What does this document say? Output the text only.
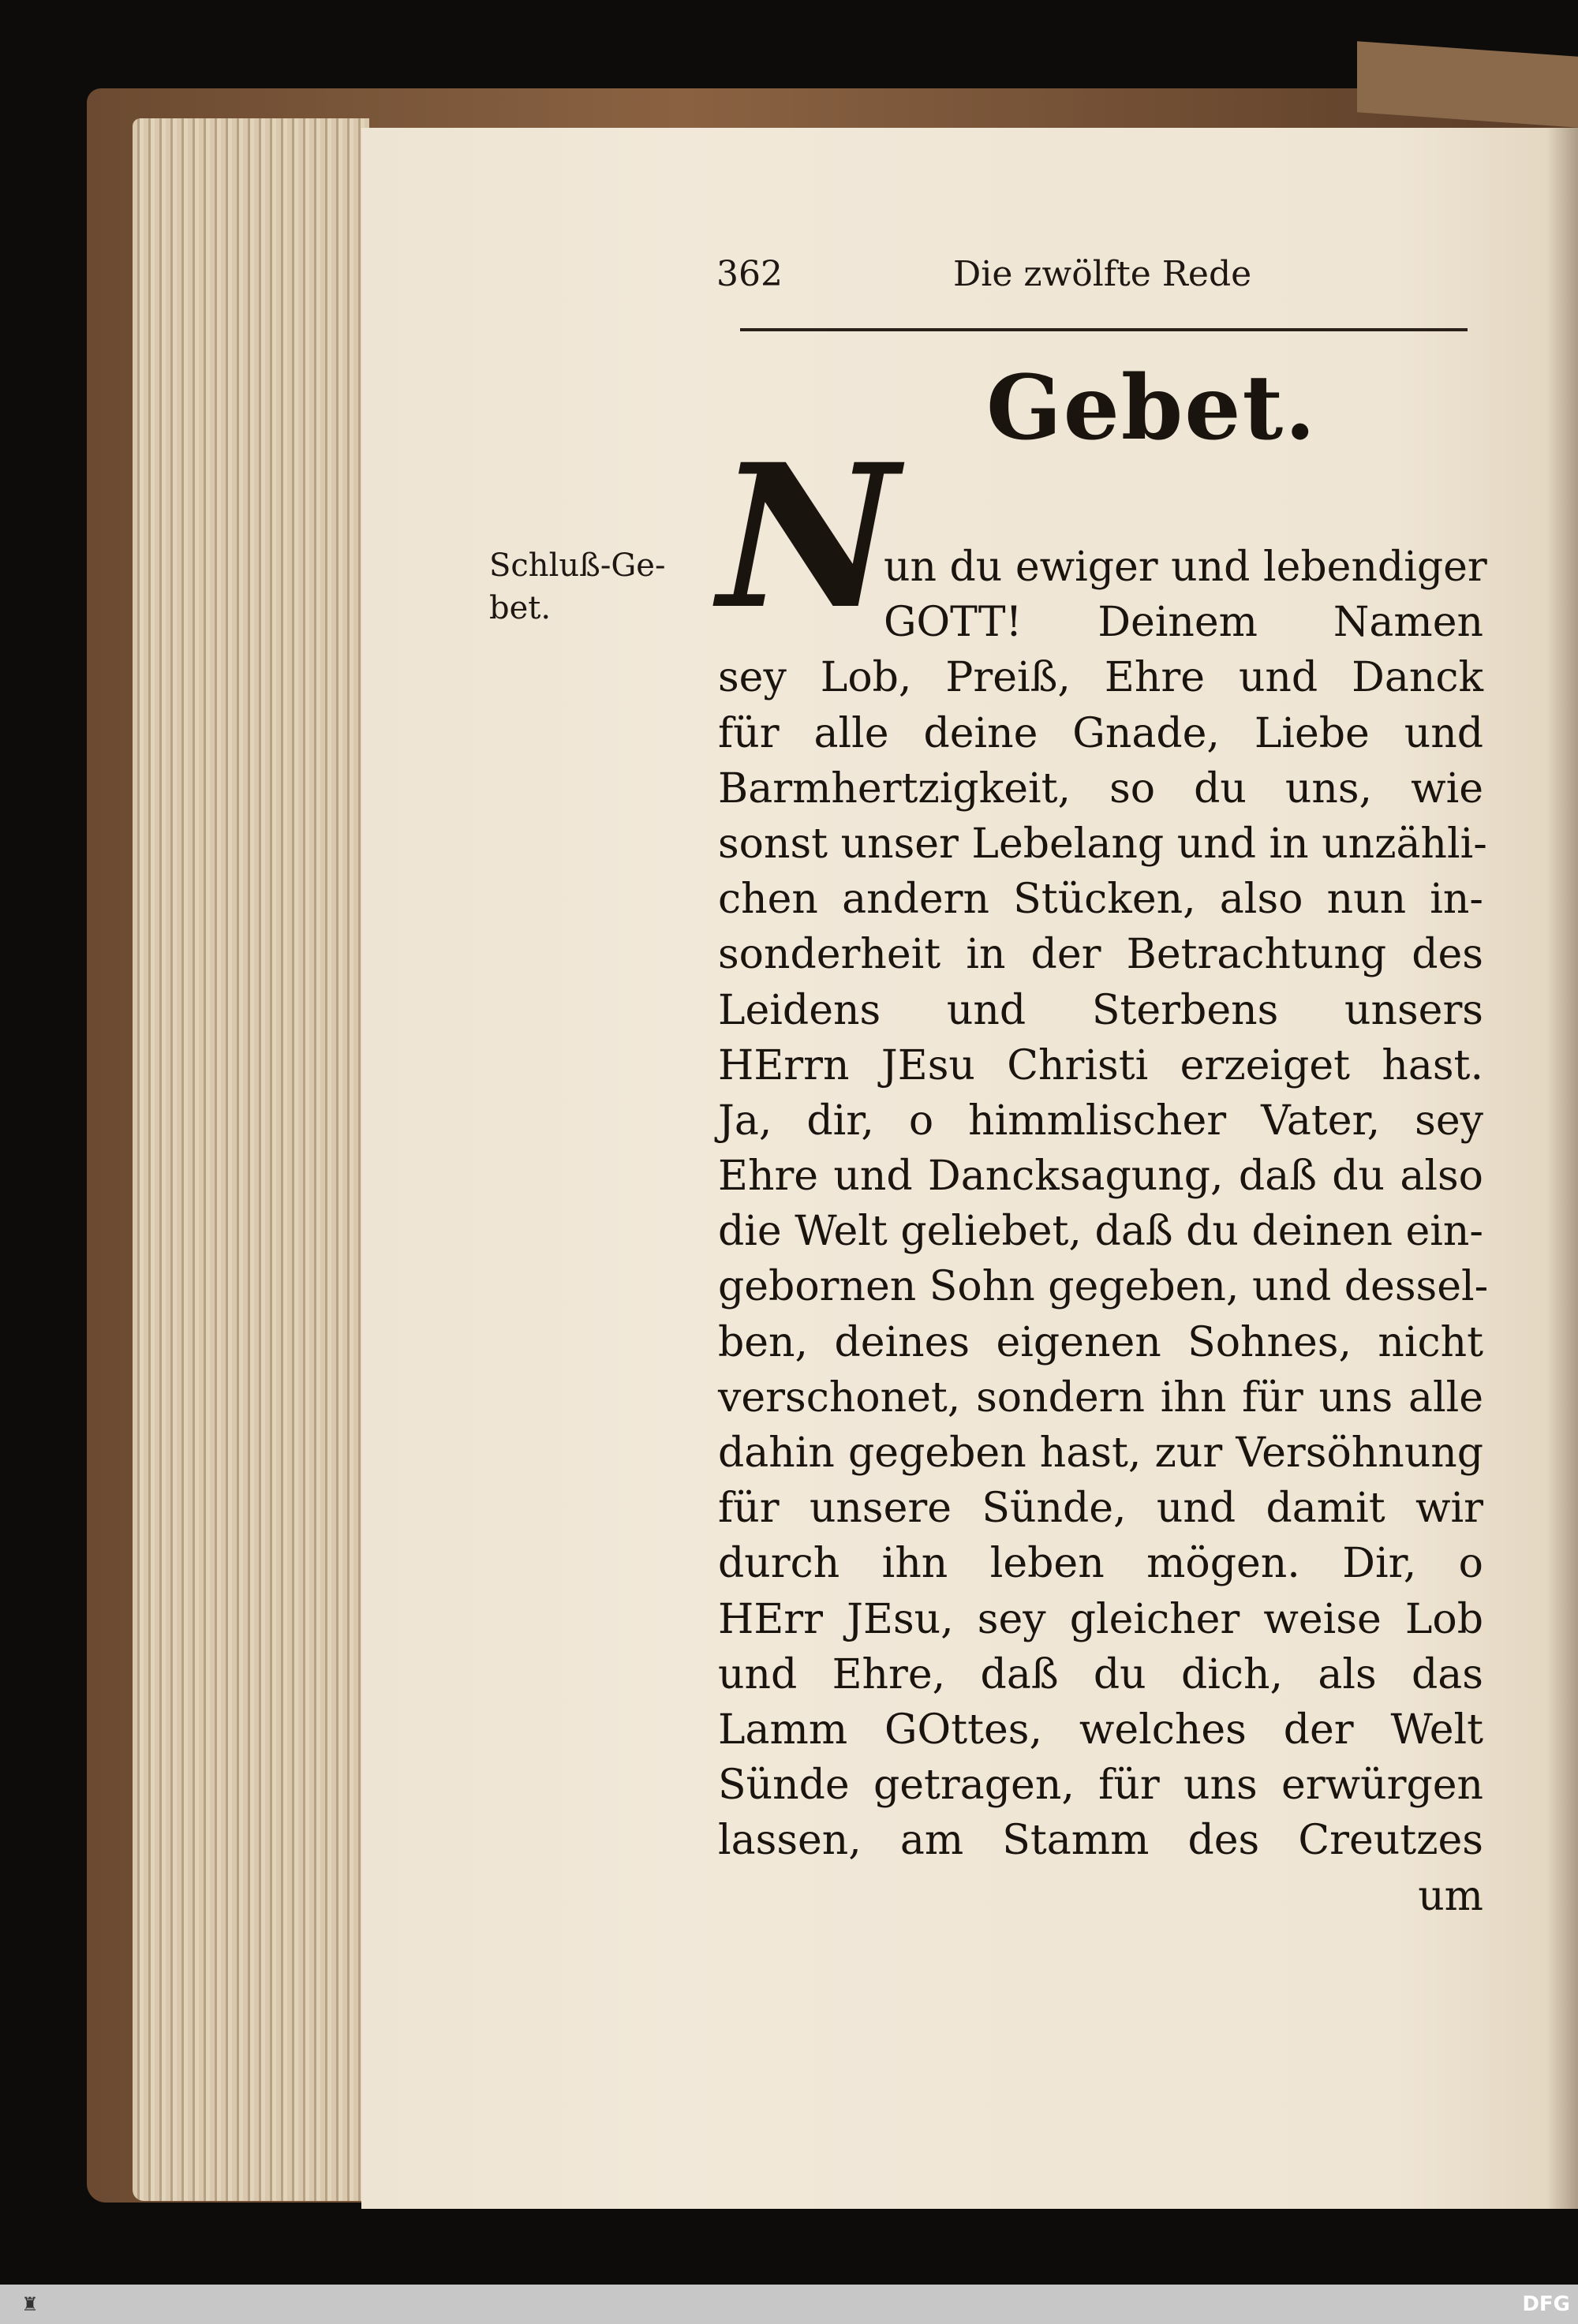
362	Die zwölfte Rede
Gebet.
Schluß-Ge-
bet. N
un du ewiger und lebendiger
GOTT! Deinem Namen
sey Lob, Preiß, Ehre und Danck
für alle deine Gnade, Liebe und
Barmhertzigkeit, so du uns, wie
sonst unser Lebelang und in unzähli-
chen andern Stücken, also nun in-
sonderheit in der Betrachtung des
Leidens und Sterbens unsers
HErrn JEsu Christi erzeiget hast.
Ja, dir, o himmlischer Vater, sey
Ehre und Dancksagung, daß du also
die Welt geliebet, daß du deinen ein-
gebornen Sohn gegeben, und dessel-
ben, deines eigenen Sohnes, nicht
verschonet, sondern ihn für uns alle
dahin gegeben hast, zur Versöhnung
für unsere Sünde, und damit wir
durch ihn leben mögen. Dir, o
HErr JEsu, sey gleicher weise Lob
und Ehre, daß du dich, als das
Lamm GOttes, welches der Welt
Sünde getragen, für uns erwürgen
lassen, am Stamm des Creutzes
um
♜	DFG
